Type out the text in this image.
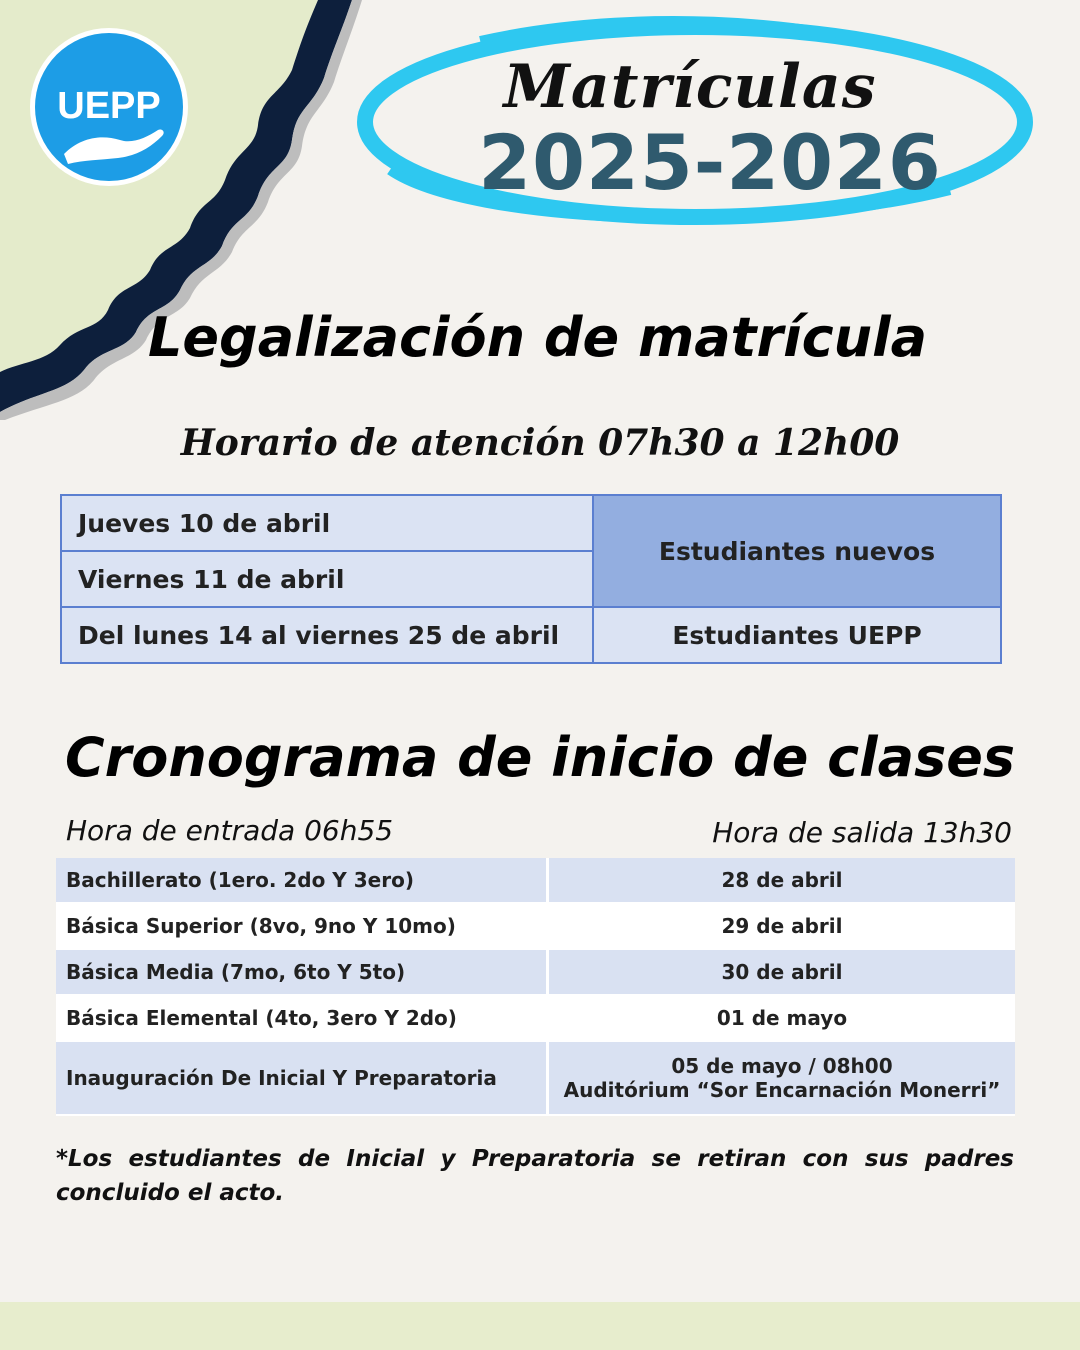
UEPP	Matrículas
2025-2026
Legalización de matrícula
Horario de atención 07h30 a 12h00
Jueves 10 de abril	Estudiantes nuevos
Viernes 11 de abril	
Del lunes 14 al viernes 25 de abril	Estudiantes UEPP
Cronograma de inicio de clases
Hora de entrada 06h55	Hora de salida 13h30
Bachillerato (1ero. 2do Y 3ero)	28 de abril
Básica Superior (8vo, 9no Y 10mo)	29 de abril
Básica Media (7mo, 6to Y 5to)	30 de abril
Básica Elemental (4to, 3ero Y 2do)	01 de mayo
Inauguración De Inicial Y Preparatoria	05 de mayo / 08h00
Auditórium “Sor Encarnación Monerri”
*Los estudiantes de Inicial y Preparatoria se retiran con sus padres concluido el acto.
